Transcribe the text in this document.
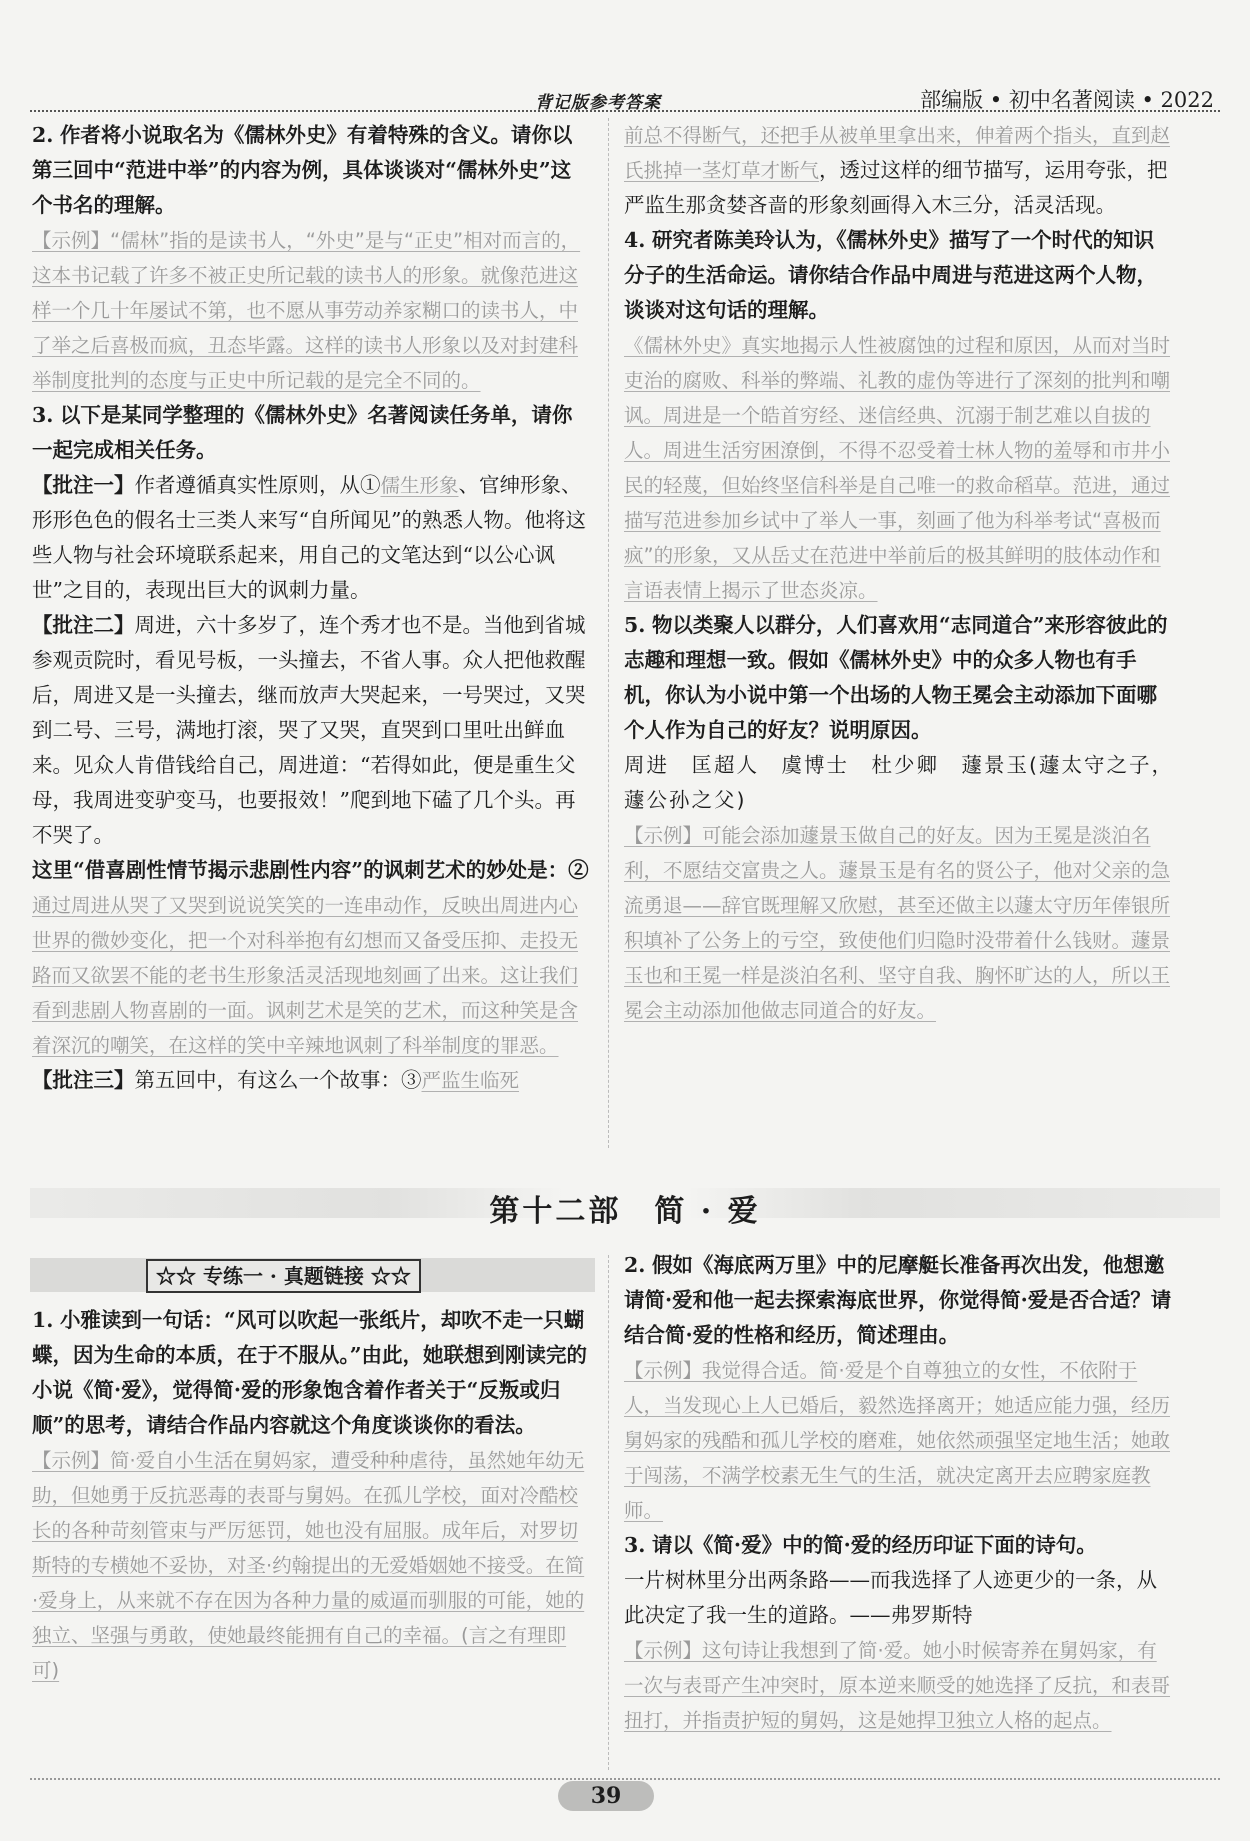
背记版参考答案	部编版 • 初中名著阅读 • 2022

2. 作者将小说取名为《儒林外史》有着特殊的含义。请你以第三回中“范进中举”的内容为例，具体谈谈对“儒林外史”这个书名的理解。

【示例】“儒林”指的是读书人，“外史”是与“正史”相对而言的，这本书记载了许多不被正史所记载的读书人的形象。就像范进这样一个几十年屡试不第，也不愿从事劳动养家糊口的读书人，中了举之后喜极而疯，丑态毕露。这样的读书人形象以及对封建科举制度批判的态度与正史中所记载的是完全不同的。

3. 以下是某同学整理的《儒林外史》名著阅读任务单，请你一起完成相关任务。

【批注一】作者遵循真实性原则，从①儒生形象、官绅形象、形形色色的假名士三类人来写“自所闻见”的熟悉人物。他将这些人物与社会环境联系起来，用自己的文笔达到“以公心讽世”之目的，表现出巨大的讽刺力量。

【批注二】周进，六十多岁了，连个秀才也不是。当他到省城参观贡院时，看见号板，一头撞去，不省人事。众人把他救醒后，周进又是一头撞去，继而放声大哭起来，一号哭过，又哭到二号、三号，满地打滚，哭了又哭，直哭到口里吐出鲜血来。见众人肯借钱给自己，周进道：“若得如此，便是重生父母，我周进变驴变马，也要报效！”爬到地下磕了几个头。再不哭了。

这里“借喜剧性情节揭示悲剧性内容”的讽刺艺术的妙处是：②通过周进从哭了又哭到说说笑笑的一连串动作，反映出周进内心世界的微妙变化，把一个对科举抱有幻想而又备受压抑、走投无路而又欲罢不能的老书生形象活灵活现地刻画了出来。这让我们看到悲剧人物喜剧的一面。讽刺艺术是笑的艺术，而这种笑是含着深沉的嘲笑，在这样的笑中辛辣地讽刺了科举制度的罪恶。

【批注三】第五回中，有这么一个故事：③严监生临死

前总不得断气，还把手从被单里拿出来，伸着两个指头，直到赵氏挑掉一茎灯草才断气，透过这样的细节描写，运用夸张，把严监生那贪婪吝啬的形象刻画得入木三分，活灵活现。

4. 研究者陈美玲认为，《儒林外史》描写了一个时代的知识分子的生活命运。请你结合作品中周进与范进这两个人物，谈谈对这句话的理解。

《儒林外史》真实地揭示人性被腐蚀的过程和原因，从而对当时吏治的腐败、科举的弊端、礼教的虚伪等进行了深刻的批判和嘲讽。周进是一个皓首穷经、迷信经典、沉溺于制艺难以自拔的人。周进生活穷困潦倒，不得不忍受着士林人物的羞辱和市井小民的轻蔑，但始终坚信科举是自己唯一的救命稻草。范进，通过描写范进参加乡试中了举人一事，刻画了他为科举考试“喜极而疯”的形象，又从岳丈在范进中举前后的极其鲜明的肢体动作和言语表情上揭示了世态炎凉。

5. 物以类聚人以群分，人们喜欢用“志同道合”来形容彼此的志趣和理想一致。假如《儒林外史》中的众多人物也有手机，你认为小说中第一个出场的人物王冕会主动添加下面哪个人作为自己的好友？说明原因。

周进　匡超人　虞博士　杜少卿　蘧景玉(蘧太守之子，蘧公孙之父)

【示例】可能会添加蘧景玉做自己的好友。因为王冕是淡泊名利，不愿结交富贵之人。蘧景玉是有名的贤公子，他对父亲的急流勇退——辞官既理解又欣慰，甚至还做主以蘧太守历年俸银所积填补了公务上的亏空，致使他们归隐时没带着什么钱财。蘧景玉也和王冕一样是淡泊名利、坚守自我、胸怀旷达的人，所以王冕会主动添加他做志同道合的好友。

第十二部　简 · 爱
☆☆ 专练一 · 真题链接 ☆☆

1. 小雅读到一句话：“风可以吹起一张纸片，却吹不走一只蝴蝶，因为生命的本质，在于不服从。”由此，她联想到刚读完的小说《简·爱》，觉得简·爱的形象饱含着作者关于“反叛或归顺”的思考，请结合作品内容就这个角度谈谈你的看法。

【示例】简·爱自小生活在舅妈家，遭受种种虐待，虽然她年幼无助，但她勇于反抗恶毒的表哥与舅妈。在孤儿学校，面对冷酷校长的各种苛刻管束与严厉惩罚，她也没有屈服。成年后，对罗切斯特的专横她不妥协，对圣·约翰提出的无爱婚姻她不接受。在简·爱身上，从来就不存在因为各种力量的威逼而驯服的可能，她的独立、坚强与勇敢，使她最终能拥有自己的幸福。(言之有理即可)

2. 假如《海底两万里》中的尼摩艇长准备再次出发，他想邀请简·爱和他一起去探索海底世界，你觉得简·爱是否合适？请结合简·爱的性格和经历，简述理由。

【示例】我觉得合适。简·爱是个自尊独立的女性，不依附于人，当发现心上人已婚后，毅然选择离开；她适应能力强，经历舅妈家的残酷和孤儿学校的磨难，她依然顽强坚定地生活；她敢于闯荡，不满学校素无生气的生活，就决定离开去应聘家庭教师。

3. 请以《简·爱》中的简·爱的经历印证下面的诗句。

一片树林里分出两条路——而我选择了人迹更少的一条，从此决定了我一生的道路。——弗罗斯特

【示例】这句诗让我想到了简·爱。她小时候寄养在舅妈家，有一次与表哥产生冲突时，原本逆来顺受的她选择了反抗，和表哥扭打，并指责护短的舅妈，这是她捍卫独立人格的起点。

39
